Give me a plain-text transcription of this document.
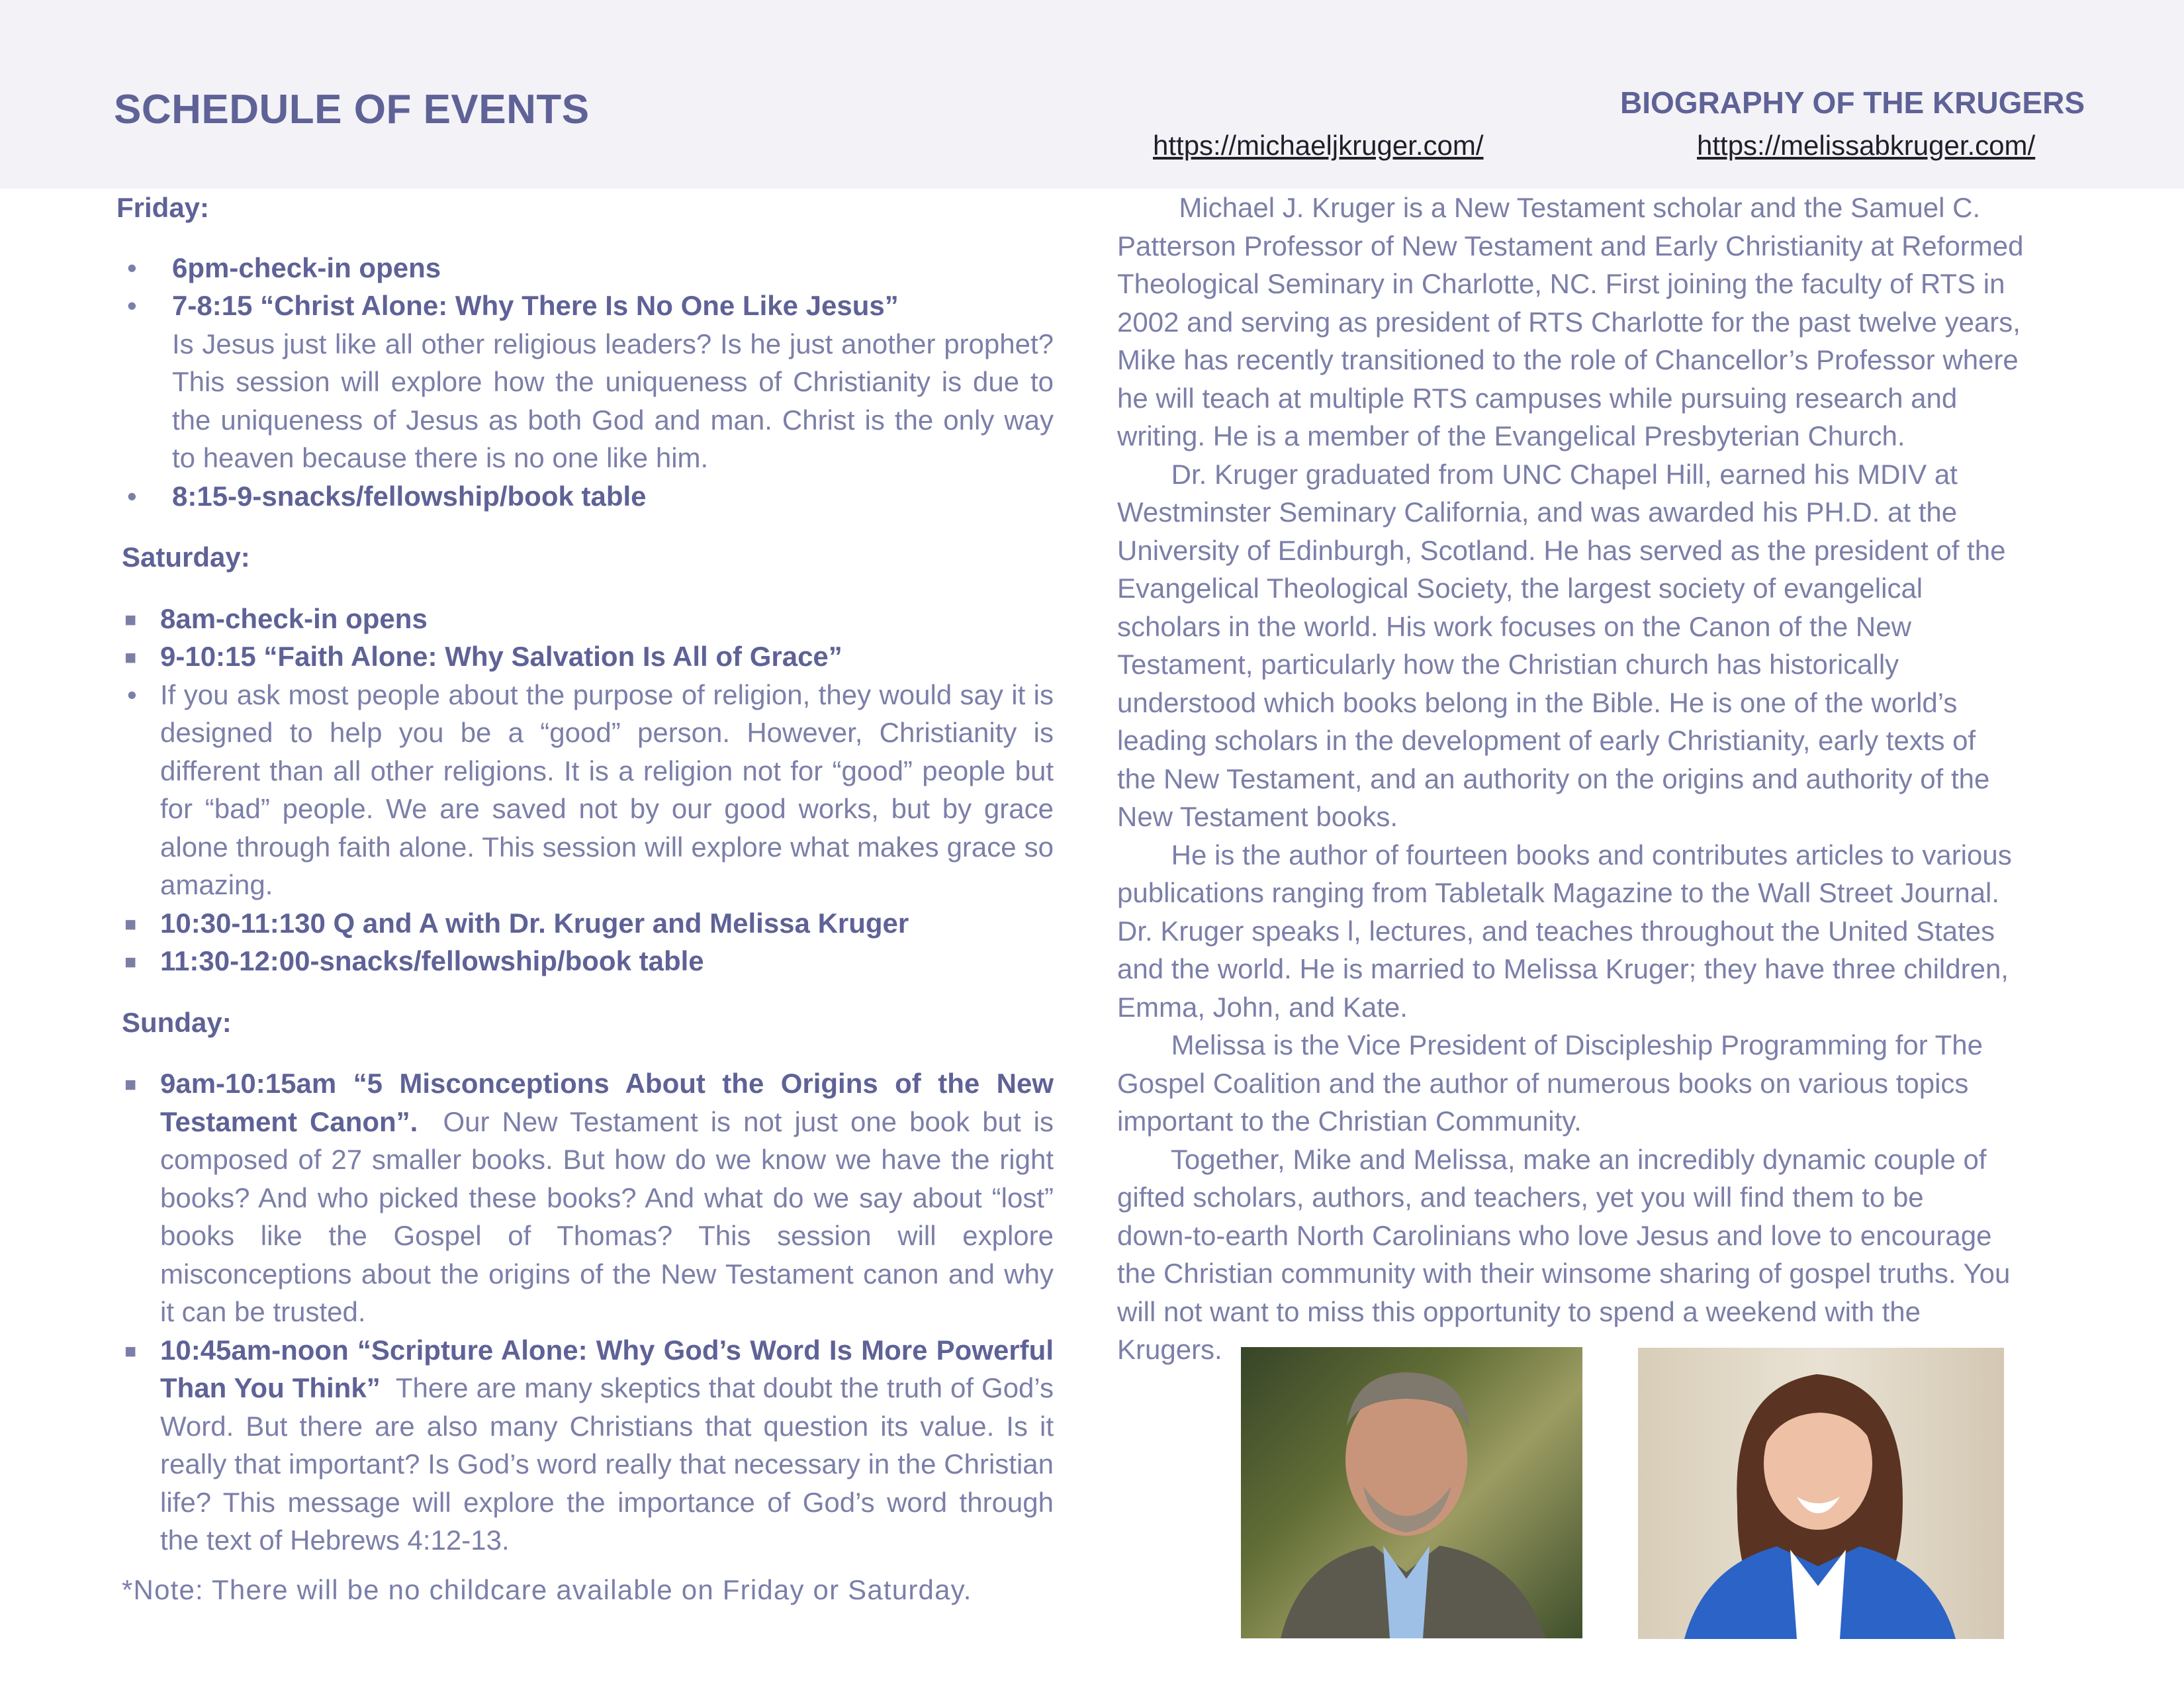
SCHEDULE OF EVENTS	BIOGRAPHY OF THE KRUGERS
https://michaeljkruger.com/	https://melissabkruger.com/
Friday:
• 6pm-check-in opens
• 7-8:15 “Christ Alone: Why There Is No One Like Jesus”

Is Jesus just like all other religious leaders? Is he just another prophet? This session will explore how the uniqueness of Christianity is due to the uniqueness of Jesus as both God and man. Christ is the only way to heaven because there is no one like him.

• 8:15-9-snacks/fellowship/book table
Saturday:
■ 8am-check-in opens
■ 9-10:15 “Faith Alone: Why Salvation Is All of Grace”
• If you ask most people about the purpose of religion, they would say it is designed to help you be a “good” person. However, Christianity is different than all other religions. It is a religion not for “good” people but for “bad” people. We are saved not by our good works, but by grace alone through faith alone. This session will explore what makes grace so amazing.
■ 10:30-11:130 Q and A with Dr. Kruger and Melissa Kruger
■ 11:30-12:00-snacks/fellowship/book table
Sunday:
■ 9am-10:15am “5 Misconceptions About the Origins of the New Testament Canon”. Our New Testament is not just one book but is composed of 27 smaller books. But how do we know we have the right books? And who picked these books? And what do we say about “lost” books like the Gospel of Thomas? This session will explore misconceptions about the origins of the New Testament canon and why it can be trusted.
■ 10:45am-noon “Scripture Alone: Why God’s Word Is More Powerful Than You Think” There are many skeptics that doubt the truth of God’s Word. But there are also many Christians that question its value. Is it really that important? Is God’s word really that necessary in the Christian life? This message will explore the importance of God’s word through the text of Hebrews 4:12-13.

*Note: There will be no childcare available on Friday or Saturday.

Michael J. Kruger is a New Testament scholar and the Samuel C.
Patterson Professor of New Testament and Early Christianity at Reformed
Theological Seminary in Charlotte, NC. First joining the faculty of RTS in
2002 and serving as president of RTS Charlotte for the past twelve years,
Mike has recently transitioned to the role of Chancellor’s Professor where
he will teach at multiple RTS campuses while pursuing research and
writing. He is a member of the Evangelical Presbyterian Church.
Dr. Kruger graduated from UNC Chapel Hill, earned his MDIV at
Westminster Seminary California, and was awarded his PH.D. at the
University of Edinburgh, Scotland. He has served as the president of the
Evangelical Theological Society, the largest society of evangelical
scholars in the world. His work focuses on the Canon of the New
Testament, particularly how the Christian church has historically
understood which books belong in the Bible. He is one of the world’s
leading scholars in the development of early Christianity, early texts of
the New Testament, and an authority on the origins and authority of the
New Testament books.
He is the author of fourteen books and contributes articles to various
publications ranging from Tabletalk Magazine to the Wall Street Journal.
Dr. Kruger speaks l, lectures, and teaches throughout the United States
and the world. He is married to Melissa Kruger; they have three children,
Emma, John, and Kate.
Melissa is the Vice President of Discipleship Programming for The
Gospel Coalition and the author of numerous books on various topics
important to the Christian Community.
Together, Mike and Melissa, make an incredibly dynamic couple of
gifted scholars, authors, and teachers, yet you will find them to be
down-to-earth North Carolinians who love Jesus and love to encourage
the Christian community with their winsome sharing of gospel truths. You
will not want to miss this opportunity to spend a weekend with the
Krugers.
